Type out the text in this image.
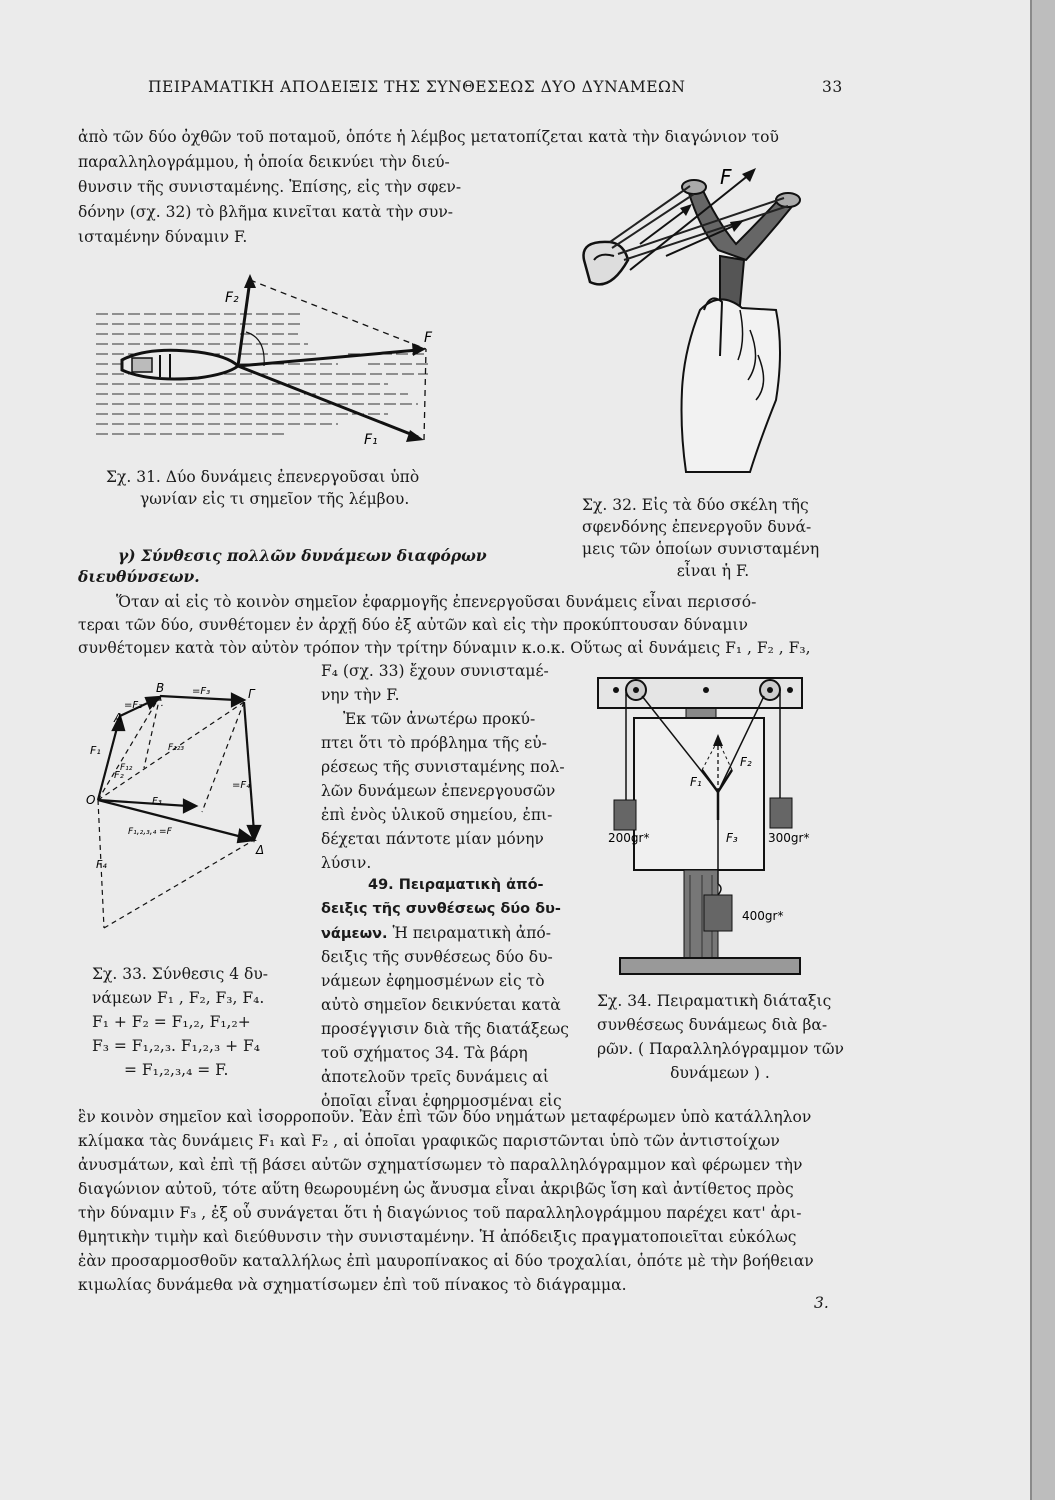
ΠΕΙΡΑΜΑΤΙΚΗ ΑΠΟΔΕΙΞΙΣ ΤΗΣ ΣΥΝΘΕΣΕΩΣ ΔΥΟ ΔΥΝΑΜΕΩΝ	33
ἀπὸ τῶν δύο ὀχθῶν τοῦ ποταμοῦ, ὁπότε ἡ λέμβος μετατοπίζεται κατὰ τὴν διαγώνιον τοῦ
παραλληλογράμμου, ἡ ὁποία δεικνύει τὴν διεύ-
θυνσιν τῆς συνισταμένης. Ἐπίσης, εἰς τὴν σφεν-
δόνην (σχ. 32) τὸ βλῆμα κινεῖται κατὰ τὴν συν-
ισταμένην δύναμιν F.
F₂
F
F₁
Σχ. 31. Δύο δυνάμεις ἐπενεργοῦσαι ὑπὸ
γωνίαν εἰς τι σημεῖον τῆς λέμβου.
F
Σχ. 32. Εἰς τὰ δύο σκέλη τῆς
σφενδόνης ἐπενεργοῦν δυνά-
μεις τῶν ὁποίων συνισταμένη
εἶναι ἡ F.
γ) Σύνθεσις πολλῶν δυνάμεων διαφόρων
διευθύνσεων.
Ὅταν αἱ εἰς τὸ κοινὸν σημεῖον ἐφαρμογῆς ἐπενεργοῦσαι δυνάμεις εἶναι περισσό-
τεραι τῶν δύο, συνθέτομεν ἐν ἀρχῇ δύο ἐξ αὐτῶν καὶ εἰς τὴν προκύπτουσαν δύναμιν
συνθέτομεν κατὰ τὸν αὐτὸν τρόπον τὴν τρίτην δύναμιν κ.ο.κ. Οὕτως αἱ δυνάμεις F₁ , F₂ , F₃,
F₄
A
B	Γ
Δ
O
F₁
F₂
F₃
F₁₂
F₁₂₃
=F₂
=F₃
=F₄
F₁,₂,₃,₄ =F
Σχ. 33. Σύνθεσις 4 δυ-
νάμεων F₁ , F₂, F₃, F₄.
F₁ + F₂ = F₁,₂, F₁,₂+
F₃ = F₁,₂,₃. F₁,₂,₃ + F₄
= F₁,₂,₃,₄ = F.
F₄ (σχ. 33) ἔχουν συνισταμέ-
νην τὴν F.
Ἐκ τῶν ἀνωτέρω προκύ-
πτει ὅτι τὸ πρόβλημα τῆς εὑ-
ρέσεως τῆς συνισταμένης πολ-
λῶν δυνάμεων ἐπενεργουσῶν
ἐπὶ ἑνὸς ὑλικοῦ σημείου, ἐπι-
δέχεται πάντοτε μίαν μόνην
λύσιν.
49. Πειραματικὴ ἀπό-
δειξις τῆς συνθέσεως δύο δυ-
νάμεων. Ἡ πειραματικὴ ἀπό-
δειξις τῆς συνθέσεως δύο δυ-
νάμεων ἐφημοσμένων εἰς τὸ
αὐτὸ σημεῖον δεικνύεται κατὰ
προσέγγισιν διὰ τῆς διατάξεως
τοῦ σχήματος 34. Τὰ βάρη
ἀποτελοῦν τρεῖς δυνάμεις αἱ
ὁποῖαι εἶναι ἐφηρμοσμέναι εἰς
F₁
F₂
F₃
200gr*	300gr*
400gr*
Σχ. 34. Πειραματικὴ διάταξις
συνθέσεως δυνάμεως διὰ βα-
ρῶν. ( Παραλληλόγραμμον τῶν
δυνάμεων ) .
ἓν κοινὸν σημεῖον καὶ ἰσορροποῦν. Ἐὰν ἐπὶ τῶν δύο νημάτων μεταφέρωμεν ὑπὸ κατάλληλον
κλίμακα τὰς δυνάμεις F₁ καὶ F₂ , αἱ ὁποῖαι γραφικῶς παριστῶνται ὑπὸ τῶν ἀντιστοίχων
ἀνυσμάτων, καὶ ἐπὶ τῇ βάσει αὐτῶν σχηματίσωμεν τὸ παραλληλόγραμμον καὶ φέρωμεν τὴν
διαγώνιον αὐτοῦ, τότε αὕτη θεωρουμένη ὡς ἄνυσμα εἶναι ἀκριβῶς ἴση καὶ ἀντίθετος πρὸς
τὴν δύναμιν F₃ , ἐξ οὗ συνάγεται ὅτι ἡ διαγώνιος τοῦ παραλληλογράμμου παρέχει κατ' ἀρι-
θμητικὴν τιμὴν καὶ διεύθυνσιν τὴν συνισταμένην. Ἡ ἀπόδειξις πραγματοποιεῖται εὐκόλως
ἐὰν προσαρμοσθοῦν καταλλήλως ἐπὶ μαυροπίνακος αἱ δύο τροχαλίαι, ὁπότε μὲ τὴν βοήθειαν
κιμωλίας δυνάμεθα νὰ σχηματίσωμεν ἐπὶ τοῦ πίνακος τὸ διάγραμμα.
3.
